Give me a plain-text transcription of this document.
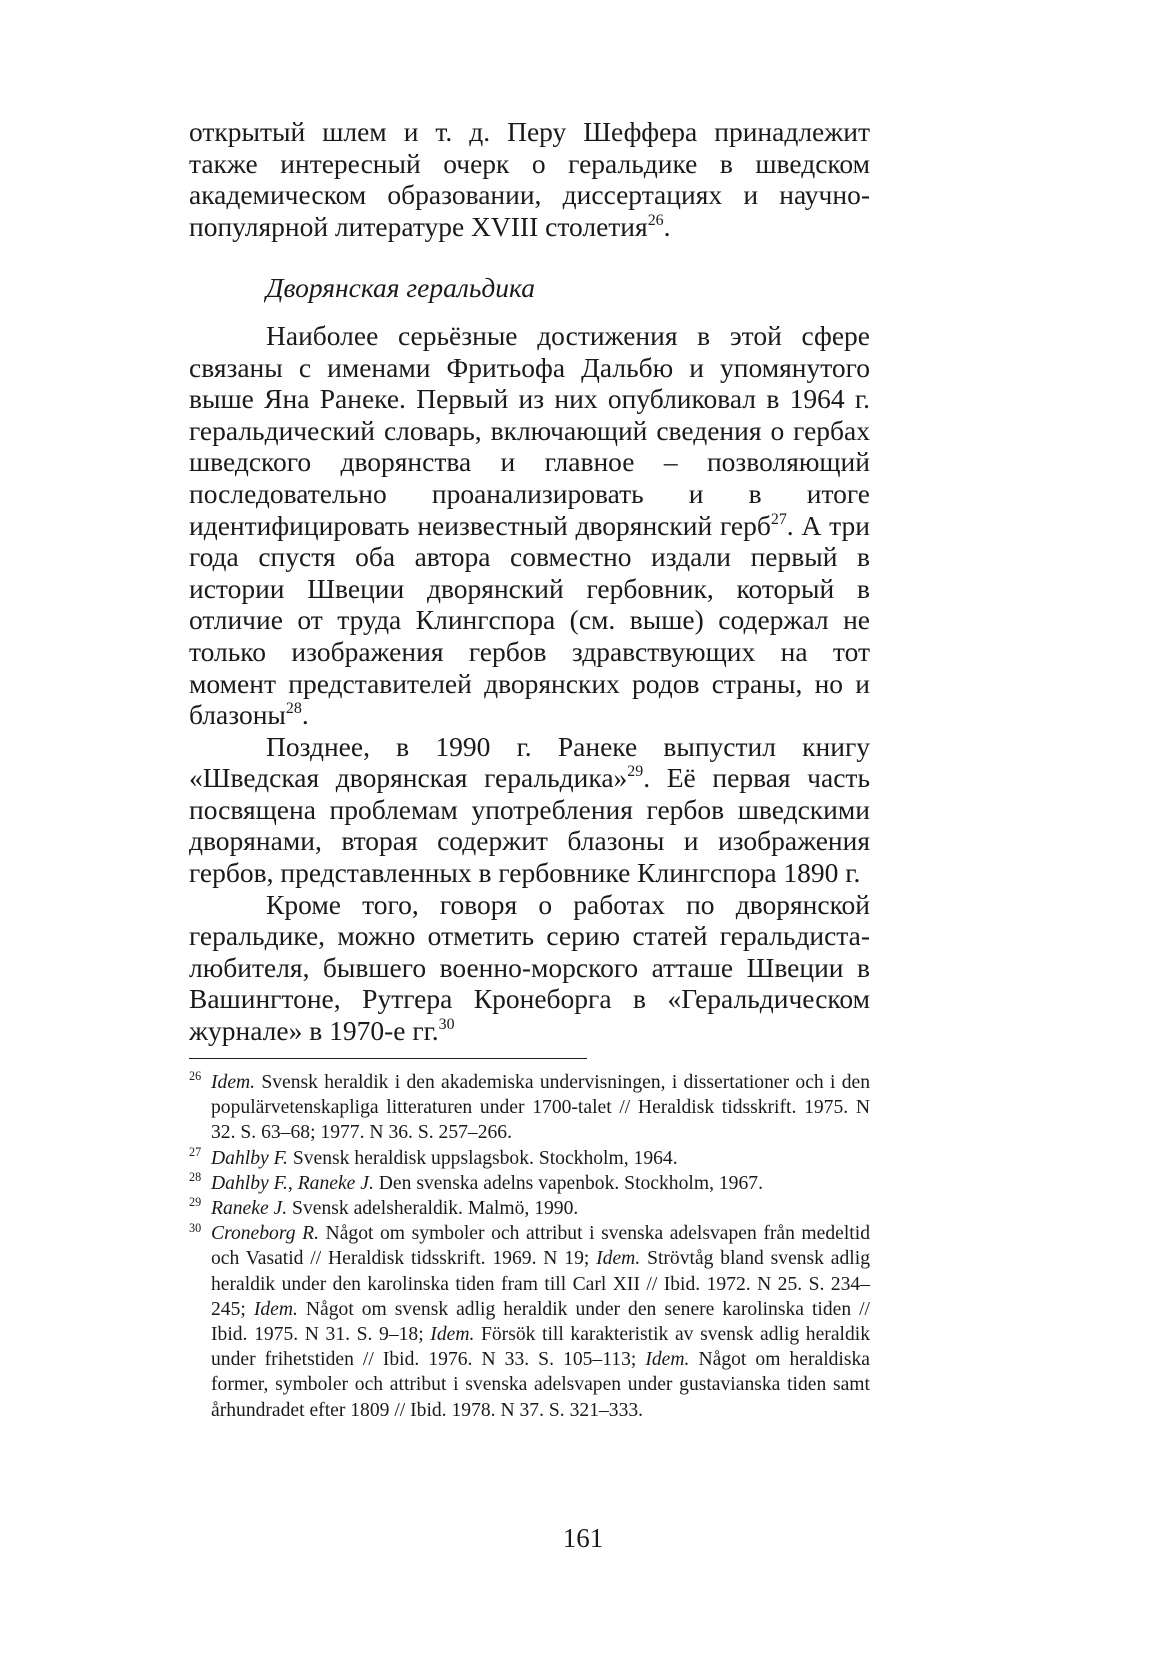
открытый шлем и т. д. Перу Шеффера принадлежит также интересный очерк о геральдике в шведском академическом образовании, диссертациях и научно-популярной литературе XVIII столетия$^{26}$.

Дворянская геральдика

Наиболее серьёзные достижения в этой сфере связаны с именами Фритьофа Дальбю и упомянутого выше Яна Ранеке. Первый из них опубликовал в 1964 г. геральдический словарь, включающий сведения о гербах шведского дворянства и главное – позволяющий последовательно проанализировать и в итоге идентифицировать неизвестный дворянский герб$^{27}$. А три года спустя оба автора совместно издали первый в истории Швеции дворянский гербовник, который в отличие от труда Клингспора (см. выше) содержал не только изображения гербов здравствующих на тот момент представителей дворянских родов страны, но и блазоны$^{28}$.

Позднее, в 1990 г. Ранеке выпустил книгу «Шведская дворянская геральдика»$^{29}$. Её первая часть посвящена проблемам употребления гербов шведскими дворянами, вторая содержит блазоны и изображения гербов, представленных в гербовнике Клингспора 1890 г.

Кроме того, говоря о работах по дворянской геральдике, можно отметить серию статей геральдиста-любителя, бывшего военно-морского атташе Швеции в Вашингтоне, Рутгера Кронеборга в «Геральдическом журнале» в 1970-е гг.$^{30}$

26 Idem. Svensk heraldik i den akademiska undervisningen, i dissertationer och i den populärvetenskapliga litteraturen under 1700-talet // Heraldisk tidsskrift. 1975. N 32. S. 63–68; 1977. N 36. S. 257–266.

27 Dahlby F. Svensk heraldisk uppslagsbok. Stockholm, 1964.

28 Dahlby F., Raneke J. Den svenska adelns vapenbok. Stockholm, 1967.

29 Raneke J. Svensk adelsheraldik. Malmö, 1990.

30 Croneborg R. Något om symboler och attribut i svenska adelsvapen från medeltid och Vasatid // Heraldisk tidsskrift. 1969. N 19; Idem. Strövtåg bland svensk adlig heraldik under den karolinska tiden fram till Carl XII // Ibid. 1972. N 25. S. 234–245; Idem. Något om svensk adlig heraldik under den senere karolinska tiden // Ibid. 1975. N 31. S. 9–18; Idem. Försök till karakteristik av svensk adlig heraldik under frihetstiden // Ibid. 1976. N 33. S. 105–113; Idem. Något om heraldiska former, symboler och attribut i svenska adelsvapen under gustavianska tiden samt århundradet efter 1809 // Ibid. 1978. N 37. S. 321–333.

161
